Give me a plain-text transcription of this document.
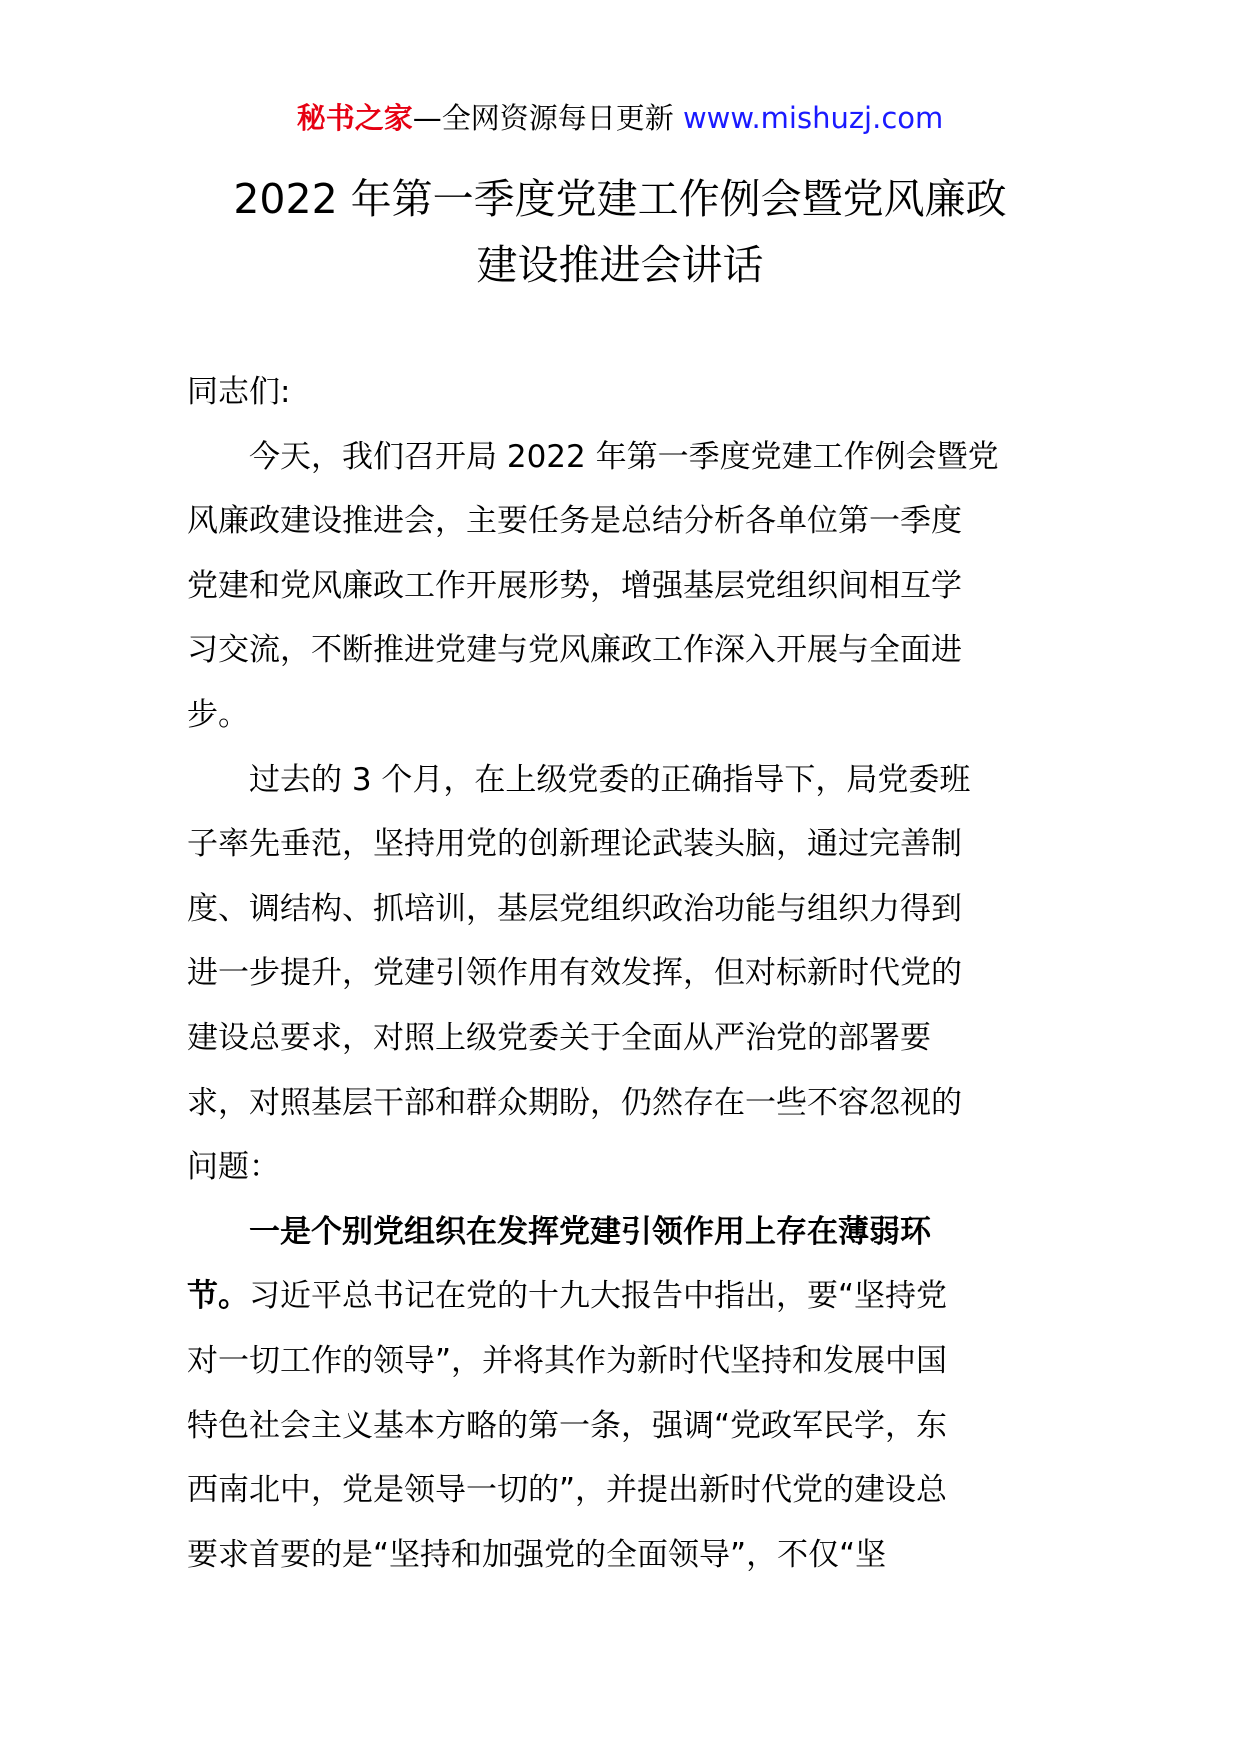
秘书之家—全网资源每日更新 www.mishuzj.com
2022 年第一季度党建工作例会暨党风廉政
建设推进会讲话
同志们:
　　今天，我们召开局 2022 年第一季度党建工作例会暨党
风廉政建设推进会，主要任务是总结分析各单位第一季度
党建和党风廉政工作开展形势，增强基层党组织间相互学
习交流，不断推进党建与党风廉政工作深入开展与全面进
步。
　　过去的 3 个月，在上级党委的正确指导下，局党委班
子率先垂范，坚持用党的创新理论武装头脑，通过完善制
度、调结构、抓培训，基层党组织政治功能与组织力得到
进一步提升，党建引领作用有效发挥，但对标新时代党的
建设总要求，对照上级党委关于全面从严治党的部署要
求，对照基层干部和群众期盼，仍然存在一些不容忽视的
问题：
　　一是个别党组织在发挥党建引领作用上存在薄弱环
节。习近平总书记在党的十九大报告中指出，要“坚持党
对一切工作的领导”，并将其作为新时代坚持和发展中国
特色社会主义基本方略的第一条，强调“党政军民学，东
西南北中，党是领导一切的”，并提出新时代党的建设总
要求首要的是“坚持和加强党的全面领导”，不仅“坚
